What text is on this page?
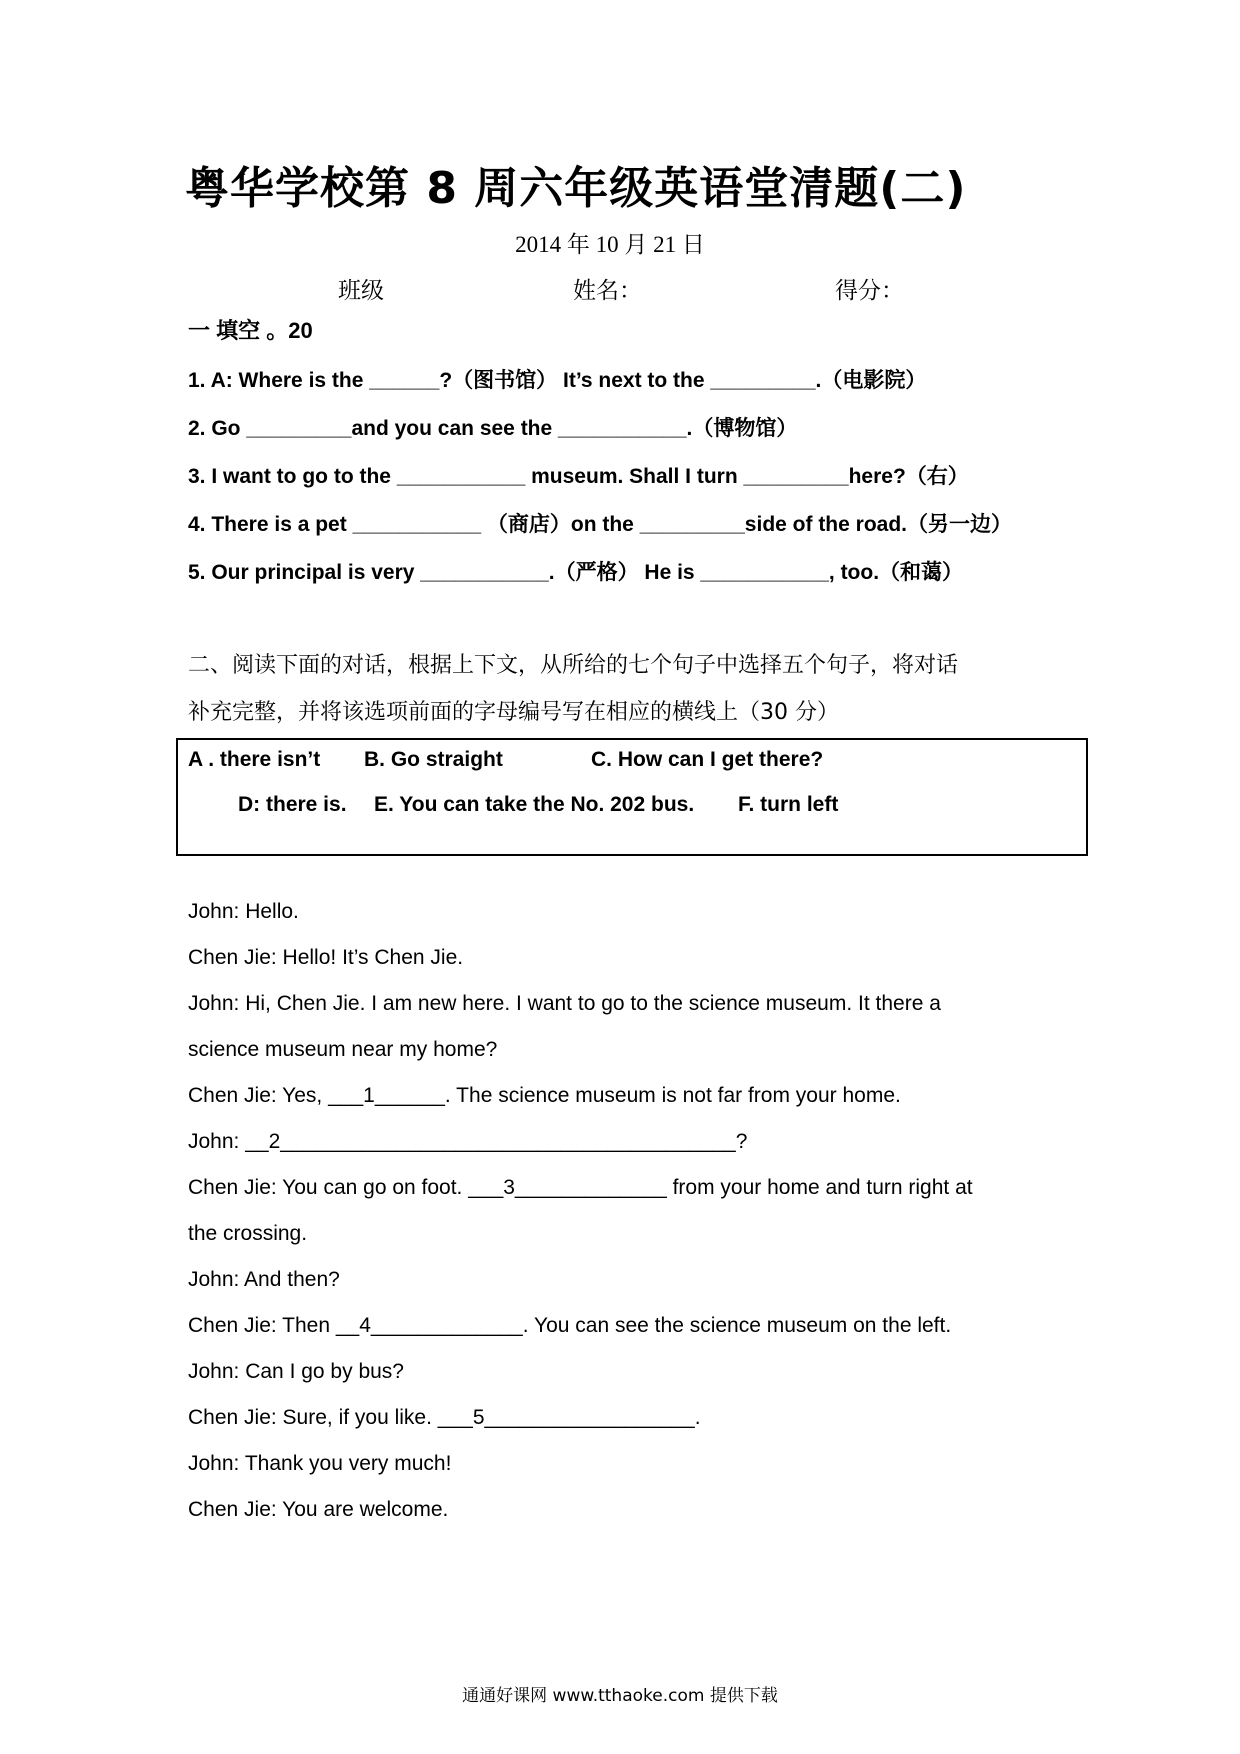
粤华学校第 8 周六年级英语堂清题(二)
2014 年 10 月 21 日
班级	姓名：	得分：
一 填空 。20
1. A: Where is the ______?（图书馆） It’s next to the _________.（电影院）
2. Go _________and you can see the ___________.（博物馆）
3. I want to go to the ___________ museum. Shall I turn _________here?（右）
4. There is a pet ___________ （商店）on the _________side of the road.（另一边）
5. Our principal is very ___________.（严格） He is ___________, too.（和蔼）
二、阅读下面的对话，根据上下文，从所给的七个句子中选择五个句子，将对话
补充完整，并将该选项前面的字母编号写在相应的横线上（30 分）
A . there isn’t B. Go straight	C. How can I get there?
D: there is. E. You can take the No. 202 bus. F. turn left
John: Hello.
Chen Jie: Hello! It’s Chen Jie.
John: Hi, Chen Jie. I am new here. I want to go to the science museum. It there a
science museum near my home?
Chen Jie: Yes, ___1______. The science museum is not far from your home.
John: __2_______________________________________?
Chen Jie: You can go on foot. ___3_____________ from your home and turn right at
the crossing.
John: And then?
Chen Jie: Then __4_____________. You can see the science museum on the left.
John: Can I go by bus?
Chen Jie: Sure, if you like. ___5__________________.
John: Thank you very much!
Chen Jie: You are welcome.
通通好课网 www.tthaoke.com 提供下载
